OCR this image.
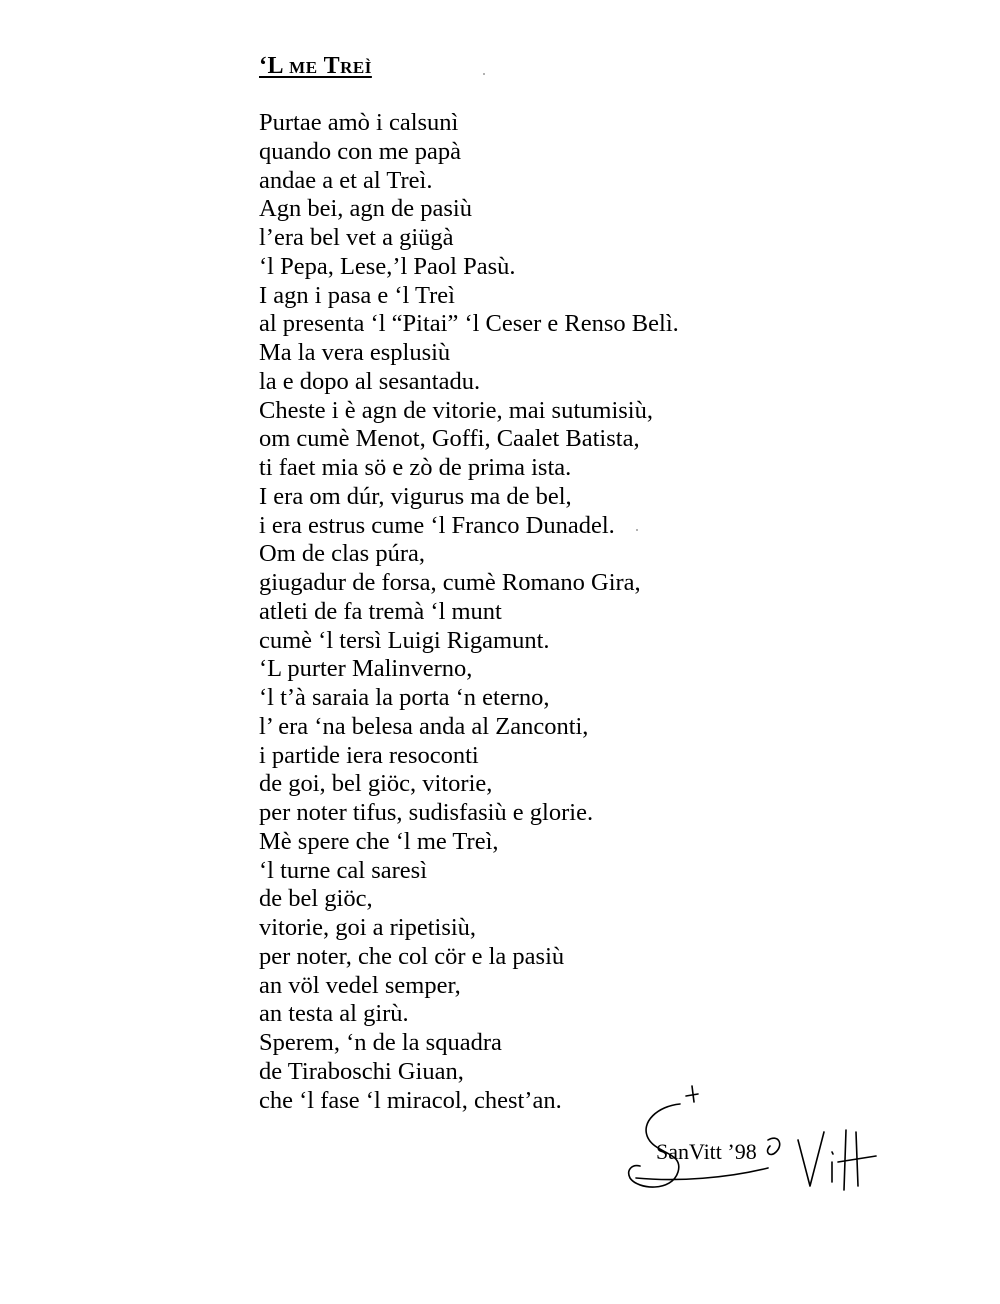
‘L me Treì
Purtae amò i calsunì
quando con me papà
andae a et al Treì.
Agn bei, agn de pasiù
l’era bel vet a giügà
‘l Pepa, Lese,’l Paol Pasù.
I agn i pasa e ‘l Treì
al presenta ‘l “Pitai” ‘l Ceser e Renso Belì.
Ma la vera esplusiù
la e dopo al sesantadu.
Cheste i è agn de vitorie, mai sutumisiù,
om cumè Menot, Goffi, Caalet Batista,
ti faet mia sö e zò de prima ista.
I era om dúr, vigurus ma de bel,
i era estrus cume ‘l Franco Dunadel.
Om de clas púra,
giugadur de forsa, cumè Romano Gira,
atleti de fa tremà ‘l munt
cumè ‘l tersì Luigi Rigamunt.
‘L purter Malinverno,
‘l t’à saraia la porta ‘n eterno,
l’ era ‘na belesa anda al Zanconti,
i partide iera resoconti
de goi, bel giöc, vitorie,
per noter tifus, sudisfasiù e glorie.
Mè spere che ‘l me Treì,
‘l turne cal saresì
de bel giöc,
vitorie, goi a ripetisiù,
per noter, che col cör e la pasiù
an völ vedel semper,
an testa al girù.
Sperem, ‘n de la squadra
de Tiraboschi Giuan,
che ‘l fase ‘l miracol, chest’an.
SanVitt ’98
